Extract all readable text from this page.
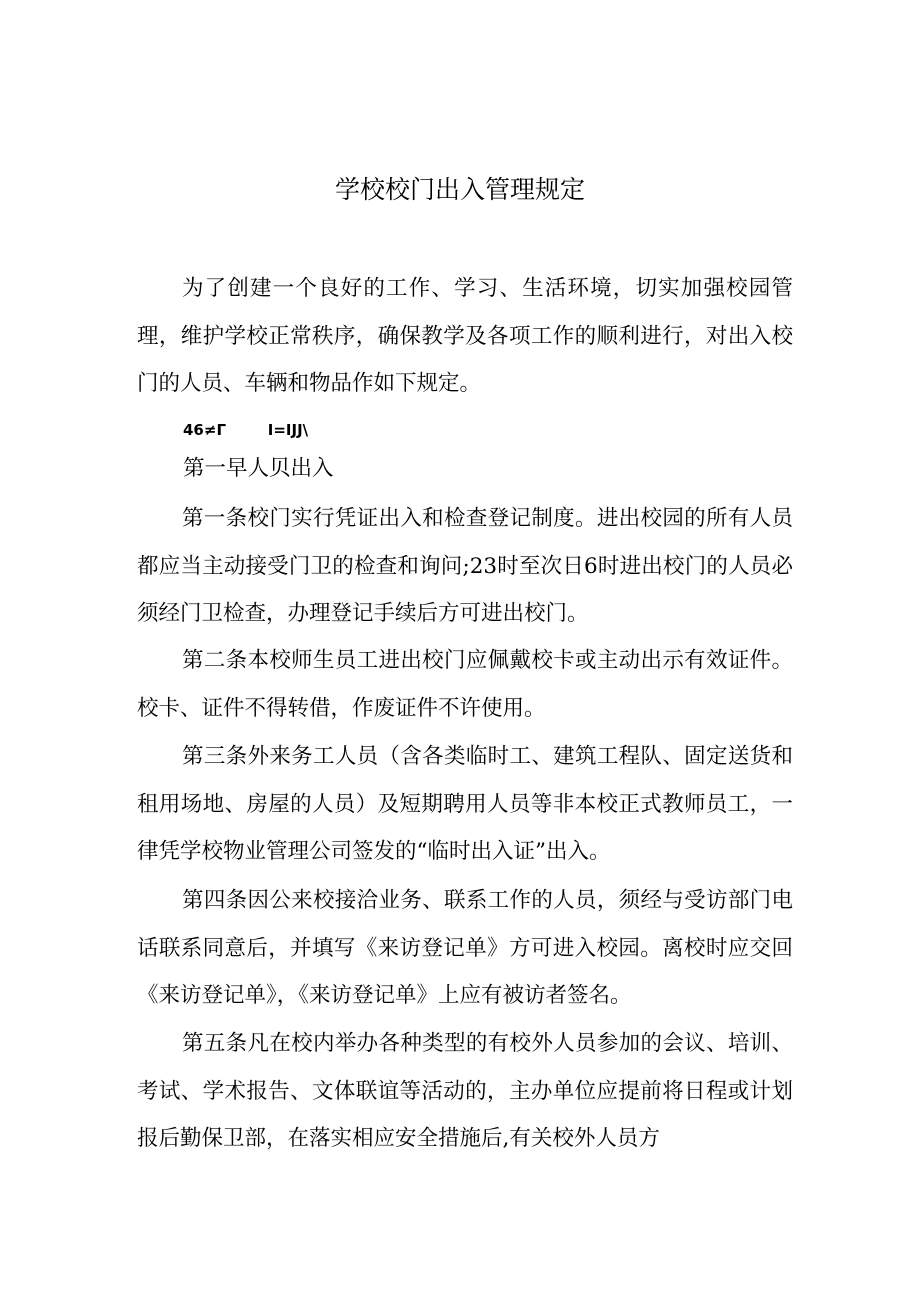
学校校门出入管理规定

为了创建一个良好的工作、学习、生活环境，切实加强校园管理，维护学校正常秩序，确保教学及各项工作的顺利进行，对出入校门的人员、车辆和物品作如下规定。

46≠Γ        I=IJJ\
第一早人贝出入

第一条校门实行凭证出入和检查登记制度。进出校园的所有人员都应当主动接受门卫的检查和询问;23时至次日6时进出校门的人员必须经门卫检查，办理登记手续后方可进出校门。

第二条本校师生员工进出校门应佩戴校卡或主动出示有效证件。校卡、证件不得转借，作废证件不许使用。

第三条外来务工人员（含各类临时工、建筑工程队、固定送货和租用场地、房屋的人员）及短期聘用人员等非本校正式教师员工，一律凭学校物业管理公司签发的“临时出入证”出入。

第四条因公来校接洽业务、联系工作的人员，须经与受访部门电话联系同意后，并填写《来访登记单》方可进入校园。离校时应交回《来访登记单》，《来访登记单》上应有被访者签名。

第五条凡在校内举办各种类型的有校外人员参加的会议、培训、考试、学术报告、文体联谊等活动的，主办单位应提前将日程或计划报后勤保卫部，在落实相应安全措施后,有关校外人员方
